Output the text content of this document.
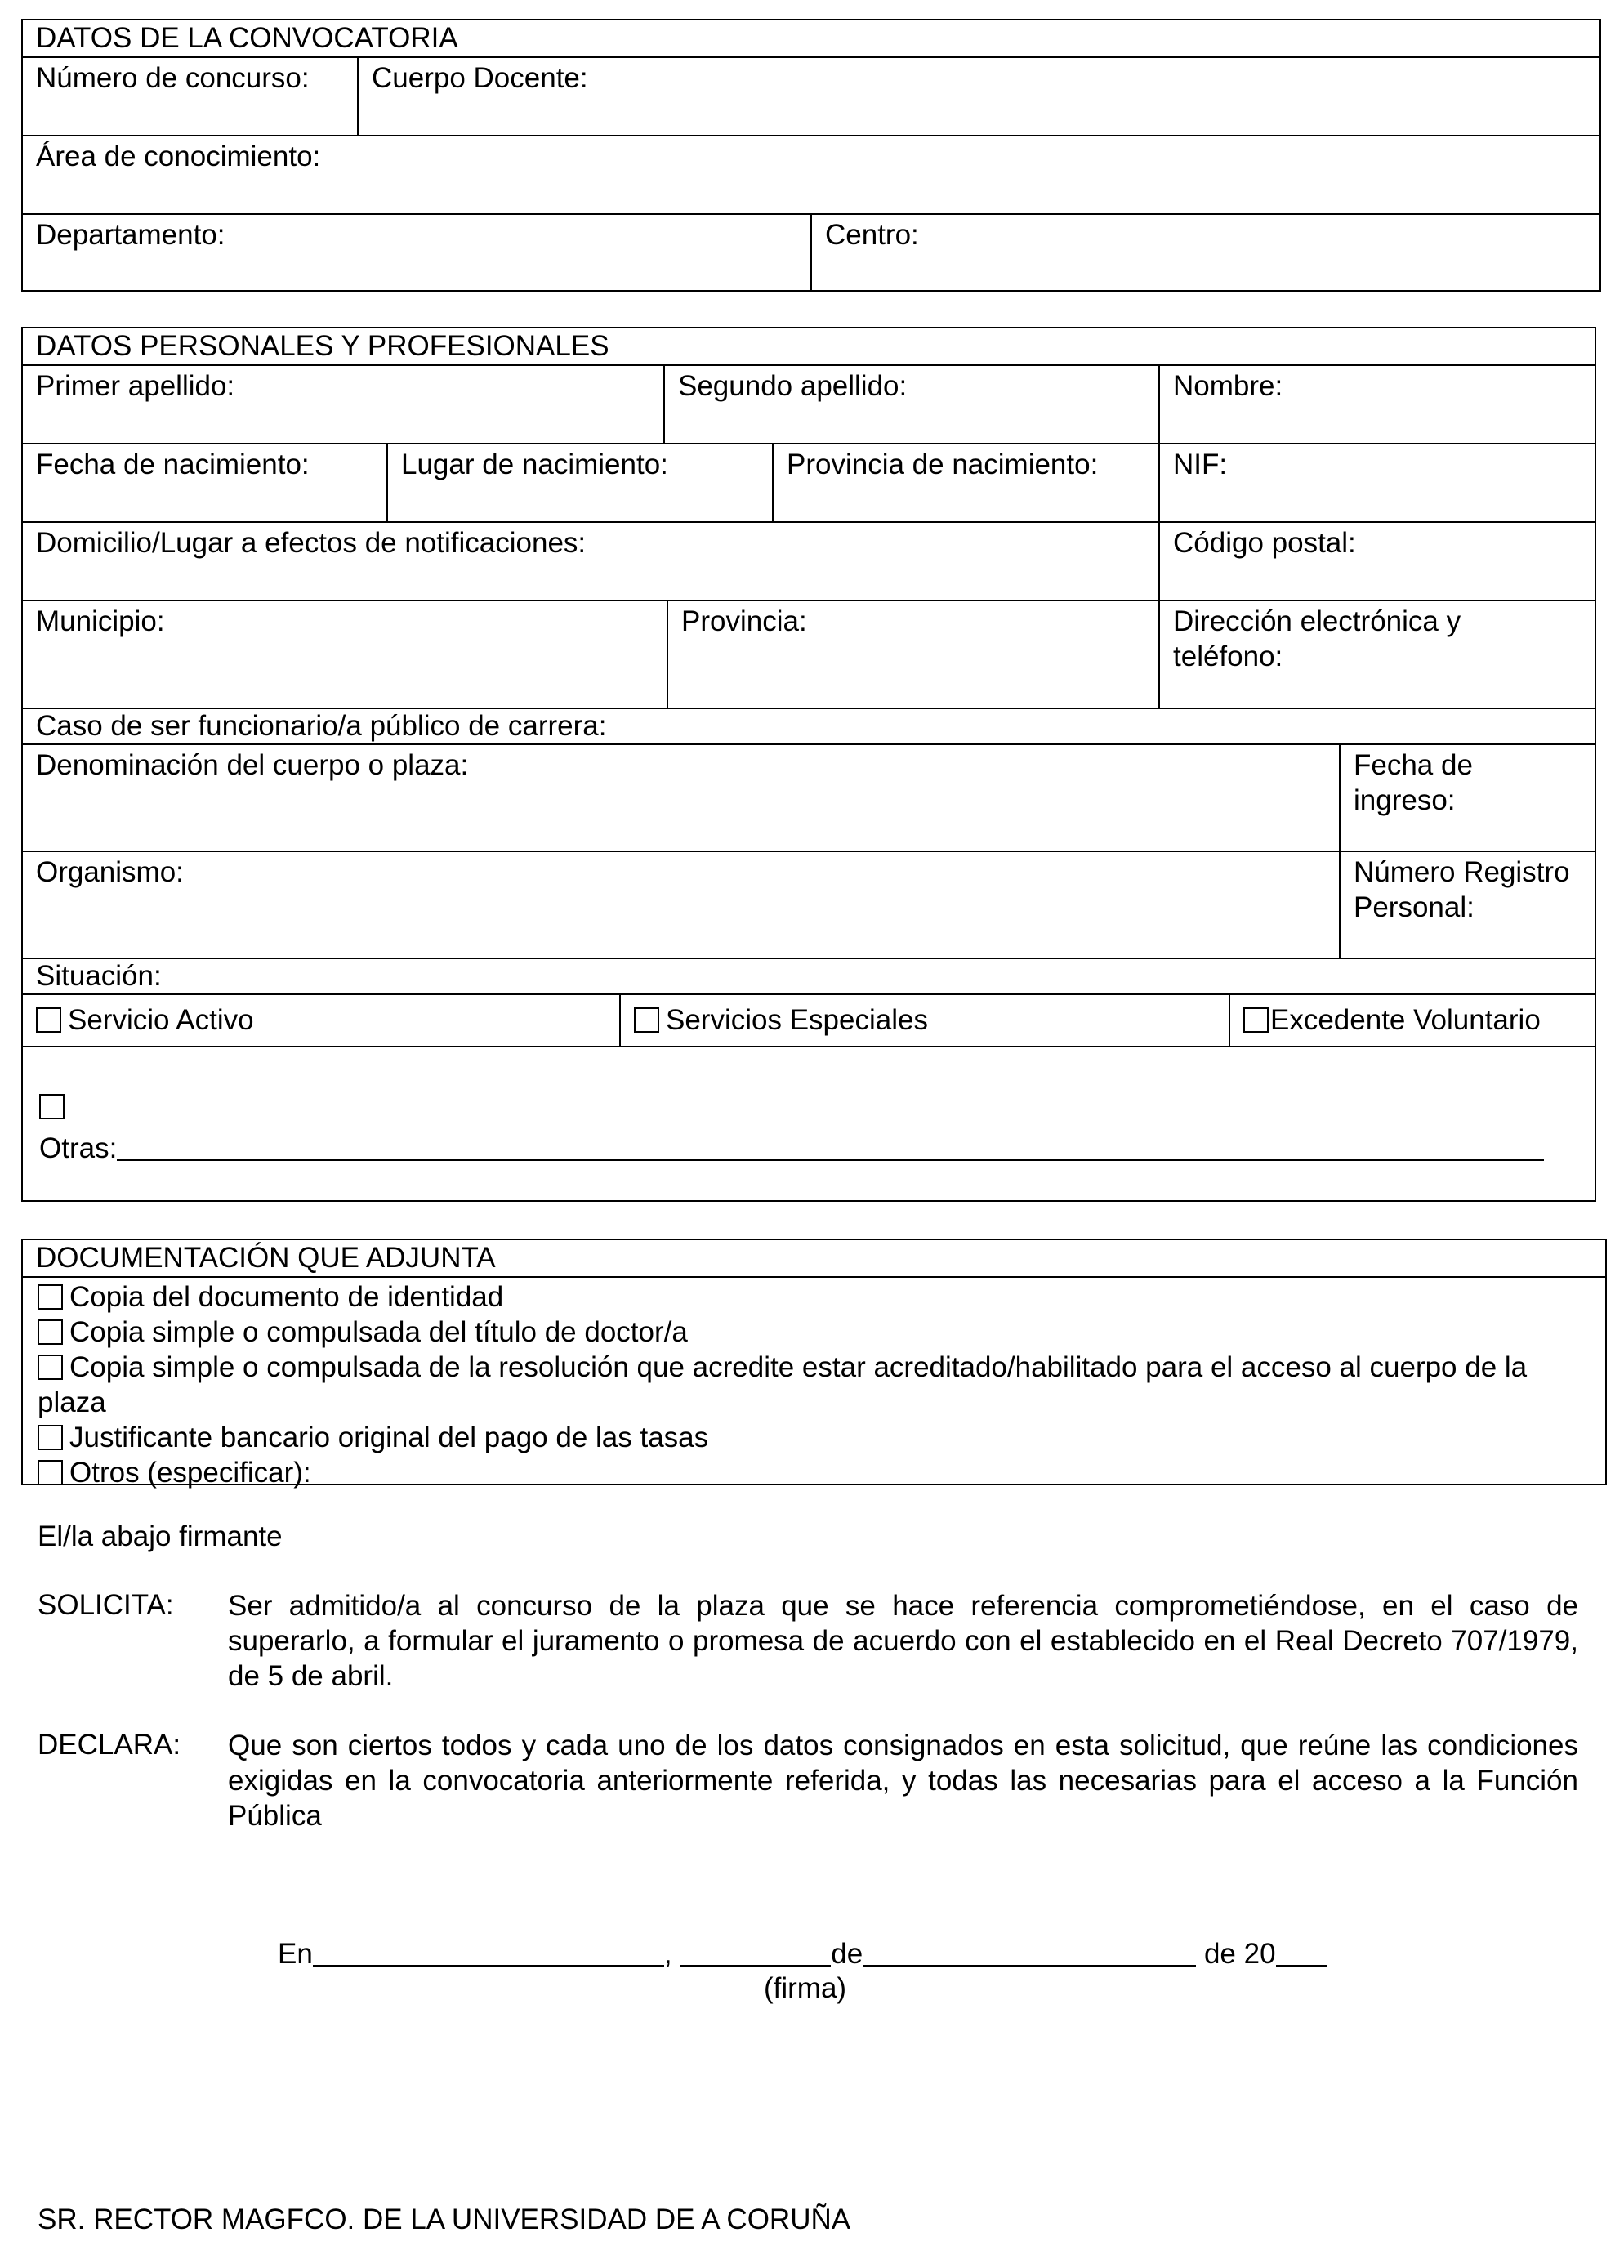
DATOS DE LA CONVOCATORIA
Número de concurso:	Cuerpo Docente:
Área de conocimiento:
Departamento:	Centro:
DATOS PERSONALES Y PROFESIONALES
Primer apellido:	Segundo apellido:	Nombre:
Fecha de nacimiento:	Lugar de nacimiento:	Provincia de nacimiento:	NIF:
Domicilio/Lugar a efectos de notificaciones:	Código postal:
Municipio:	Provincia:	Dirección electrónica y teléfono:
Caso de ser funcionario/a público de carrera:
Denominación del cuerpo o plaza:	Fecha de ingreso:
Organismo:	Número Registro Personal:
Situación:
Servicio Activo	Servicios Especiales	Excedente Voluntario
Otras:
DOCUMENTACIÓN QUE ADJUNTA
Copia del documento de identidad
Copia simple o compulsada del título de doctor/a
Copia simple o compulsada de la resolución que acredite estar acreditado/habilitado para el acceso al cuerpo de la plaza
Justificante bancario original del pago de las tasas
Otros (especificar):
El/la abajo firmante
SOLICITA:	Ser admitido/a al concurso de la plaza que se hace referencia comprometiéndose, en el caso de superarlo, a formular el juramento o promesa de acuerdo con el establecido en el Real Decreto 707/1979, de 5 de abril.
DECLARA:	Que son ciertos todos y cada uno de los datos consignados en esta solicitud, que reúne las condiciones exigidas en la convocatoria anteriormente referida, y todas las necesarias para el acceso a la Función Pública
En	,	de	de 20
(firma)
SR. RECTOR MAGFCO. DE LA UNIVERSIDAD DE A CORUÑA
